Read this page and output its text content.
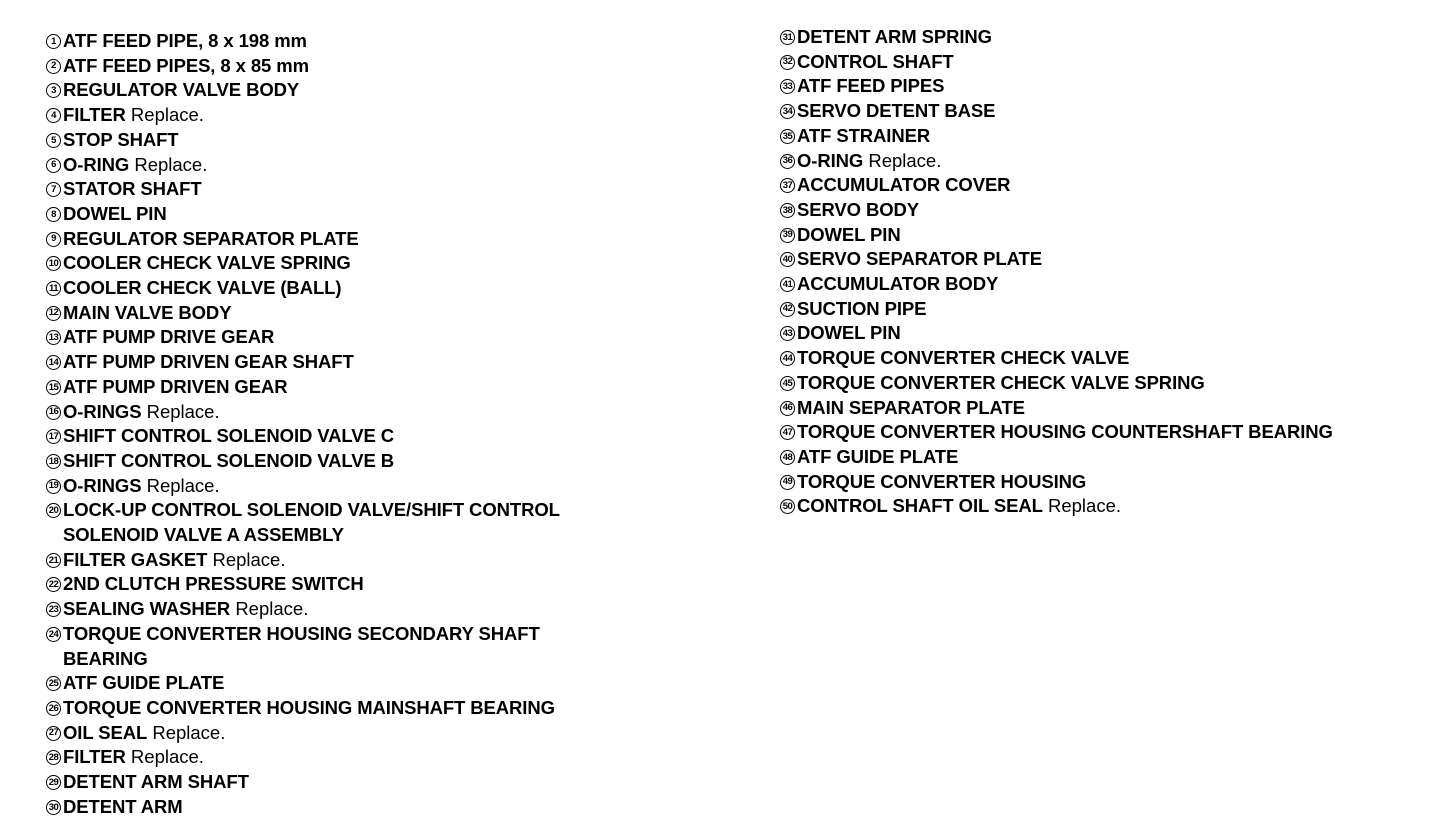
1 ATF FEED PIPE, 8 x 198 mm
2 ATF FEED PIPES, 8 x 85 mm
3 REGULATOR VALVE BODY
4 FILTER Replace.
5 STOP SHAFT
6 O-RING Replace.
7 STATOR SHAFT
8 DOWEL PIN
9 REGULATOR SEPARATOR PLATE
10 COOLER CHECK VALVE SPRING
11 COOLER CHECK VALVE (BALL)
12 MAIN VALVE BODY
13 ATF PUMP DRIVE GEAR
14 ATF PUMP DRIVEN GEAR SHAFT
15 ATF PUMP DRIVEN GEAR
16 O-RINGS Replace.
17 SHIFT CONTROL SOLENOID VALVE C
18 SHIFT CONTROL SOLENOID VALVE B
19 O-RINGS Replace.
20 LOCK-UP CONTROL SOLENOID VALVE/SHIFT CONTROL SOLENOID VALVE A ASSEMBLY
21 FILTER GASKET Replace.
22 2ND CLUTCH PRESSURE SWITCH
23 SEALING WASHER Replace.
24 TORQUE CONVERTER HOUSING SECONDARY SHAFT BEARING
25 ATF GUIDE PLATE
26 TORQUE CONVERTER HOUSING MAINSHAFT BEARING
27 OIL SEAL Replace.
28 FILTER Replace.
29 DETENT ARM SHAFT
30 DETENT ARM
31 DETENT ARM SPRING
32 CONTROL SHAFT
33 ATF FEED PIPES
34 SERVO DETENT BASE
35 ATF STRAINER
36 O-RING Replace.
37 ACCUMULATOR COVER
38 SERVO BODY
39 DOWEL PIN
40 SERVO SEPARATOR PLATE
41 ACCUMULATOR BODY
42 SUCTION PIPE
43 DOWEL PIN
44 TORQUE CONVERTER CHECK VALVE
45 TORQUE CONVERTER CHECK VALVE SPRING
46 MAIN SEPARATOR PLATE
47 TORQUE CONVERTER HOUSING COUNTERSHAFT BEARING
48 ATF GUIDE PLATE
49 TORQUE CONVERTER HOUSING
50 CONTROL SHAFT OIL SEAL Replace.
